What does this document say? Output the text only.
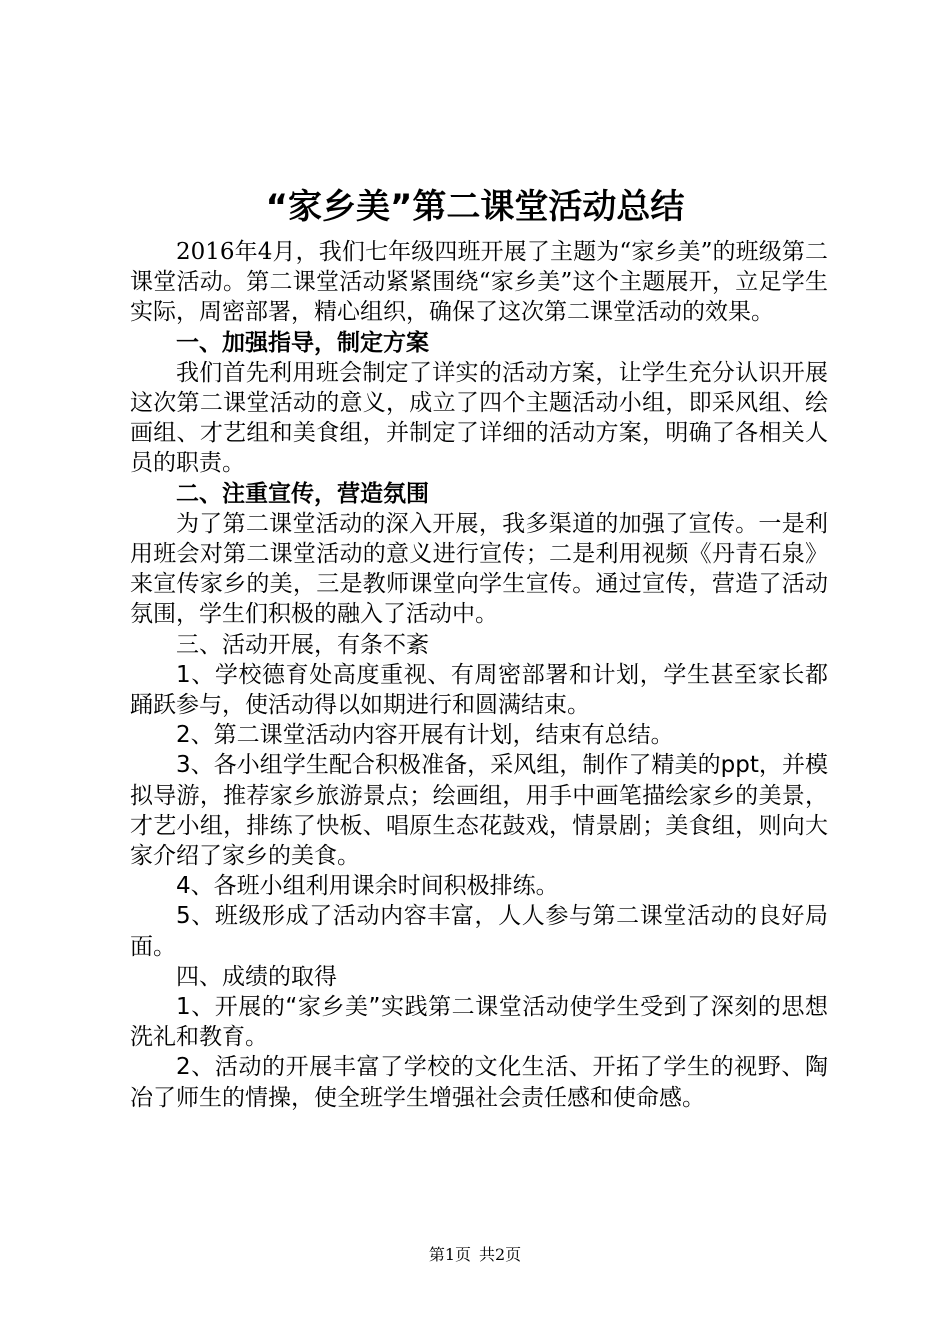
“家乡美”第二课堂活动总结

2016年4月，我们七年级四班开展了主题为“家乡美”的班级第二课堂活动。第二课堂活动紧紧围绕“家乡美”这个主题展开，立足学生实际，周密部署，精心组织，确保了这次第二课堂活动的效果。

一、加强指导，制定方案

我们首先利用班会制定了详实的活动方案，让学生充分认识开展这次第二课堂活动的意义，成立了四个主题活动小组，即采风组、绘画组、才艺组和美食组，并制定了详细的活动方案，明确了各相关人员的职责。

二、注重宣传，营造氛围

为了第二课堂活动的深入开展，我多渠道的加强了宣传。一是利用班会对第二课堂活动的意义进行宣传；二是利用视频《丹青石泉》来宣传家乡的美，三是教师课堂向学生宣传。通过宣传，营造了活动氛围，学生们积极的融入了活动中。

三、活动开展，有条不紊

1、学校德育处高度重视、有周密部署和计划，学生甚至家长都踊跃参与，使活动得以如期进行和圆满结束。

2、第二课堂活动内容开展有计划，结束有总结。

3、各小组学生配合积极准备，采风组，制作了精美的ppt，并模拟导游，推荐家乡旅游景点；绘画组，用手中画笔描绘家乡的美景，才艺小组，排练了快板、唱原生态花鼓戏，情景剧；美食组，则向大家介绍了家乡的美食。

4、各班小组利用课余时间积极排练。

5、班级形成了活动内容丰富，人人参与第二课堂活动的良好局面。

四、成绩的取得

1、开展的“家乡美”实践第二课堂活动使学生受到了深刻的思想洗礼和教育。

2、活动的开展丰富了学校的文化生活、开拓了学生的视野、陶冶了师生的情操，使全班学生增强社会责任感和使命感。

第1页 共2页
